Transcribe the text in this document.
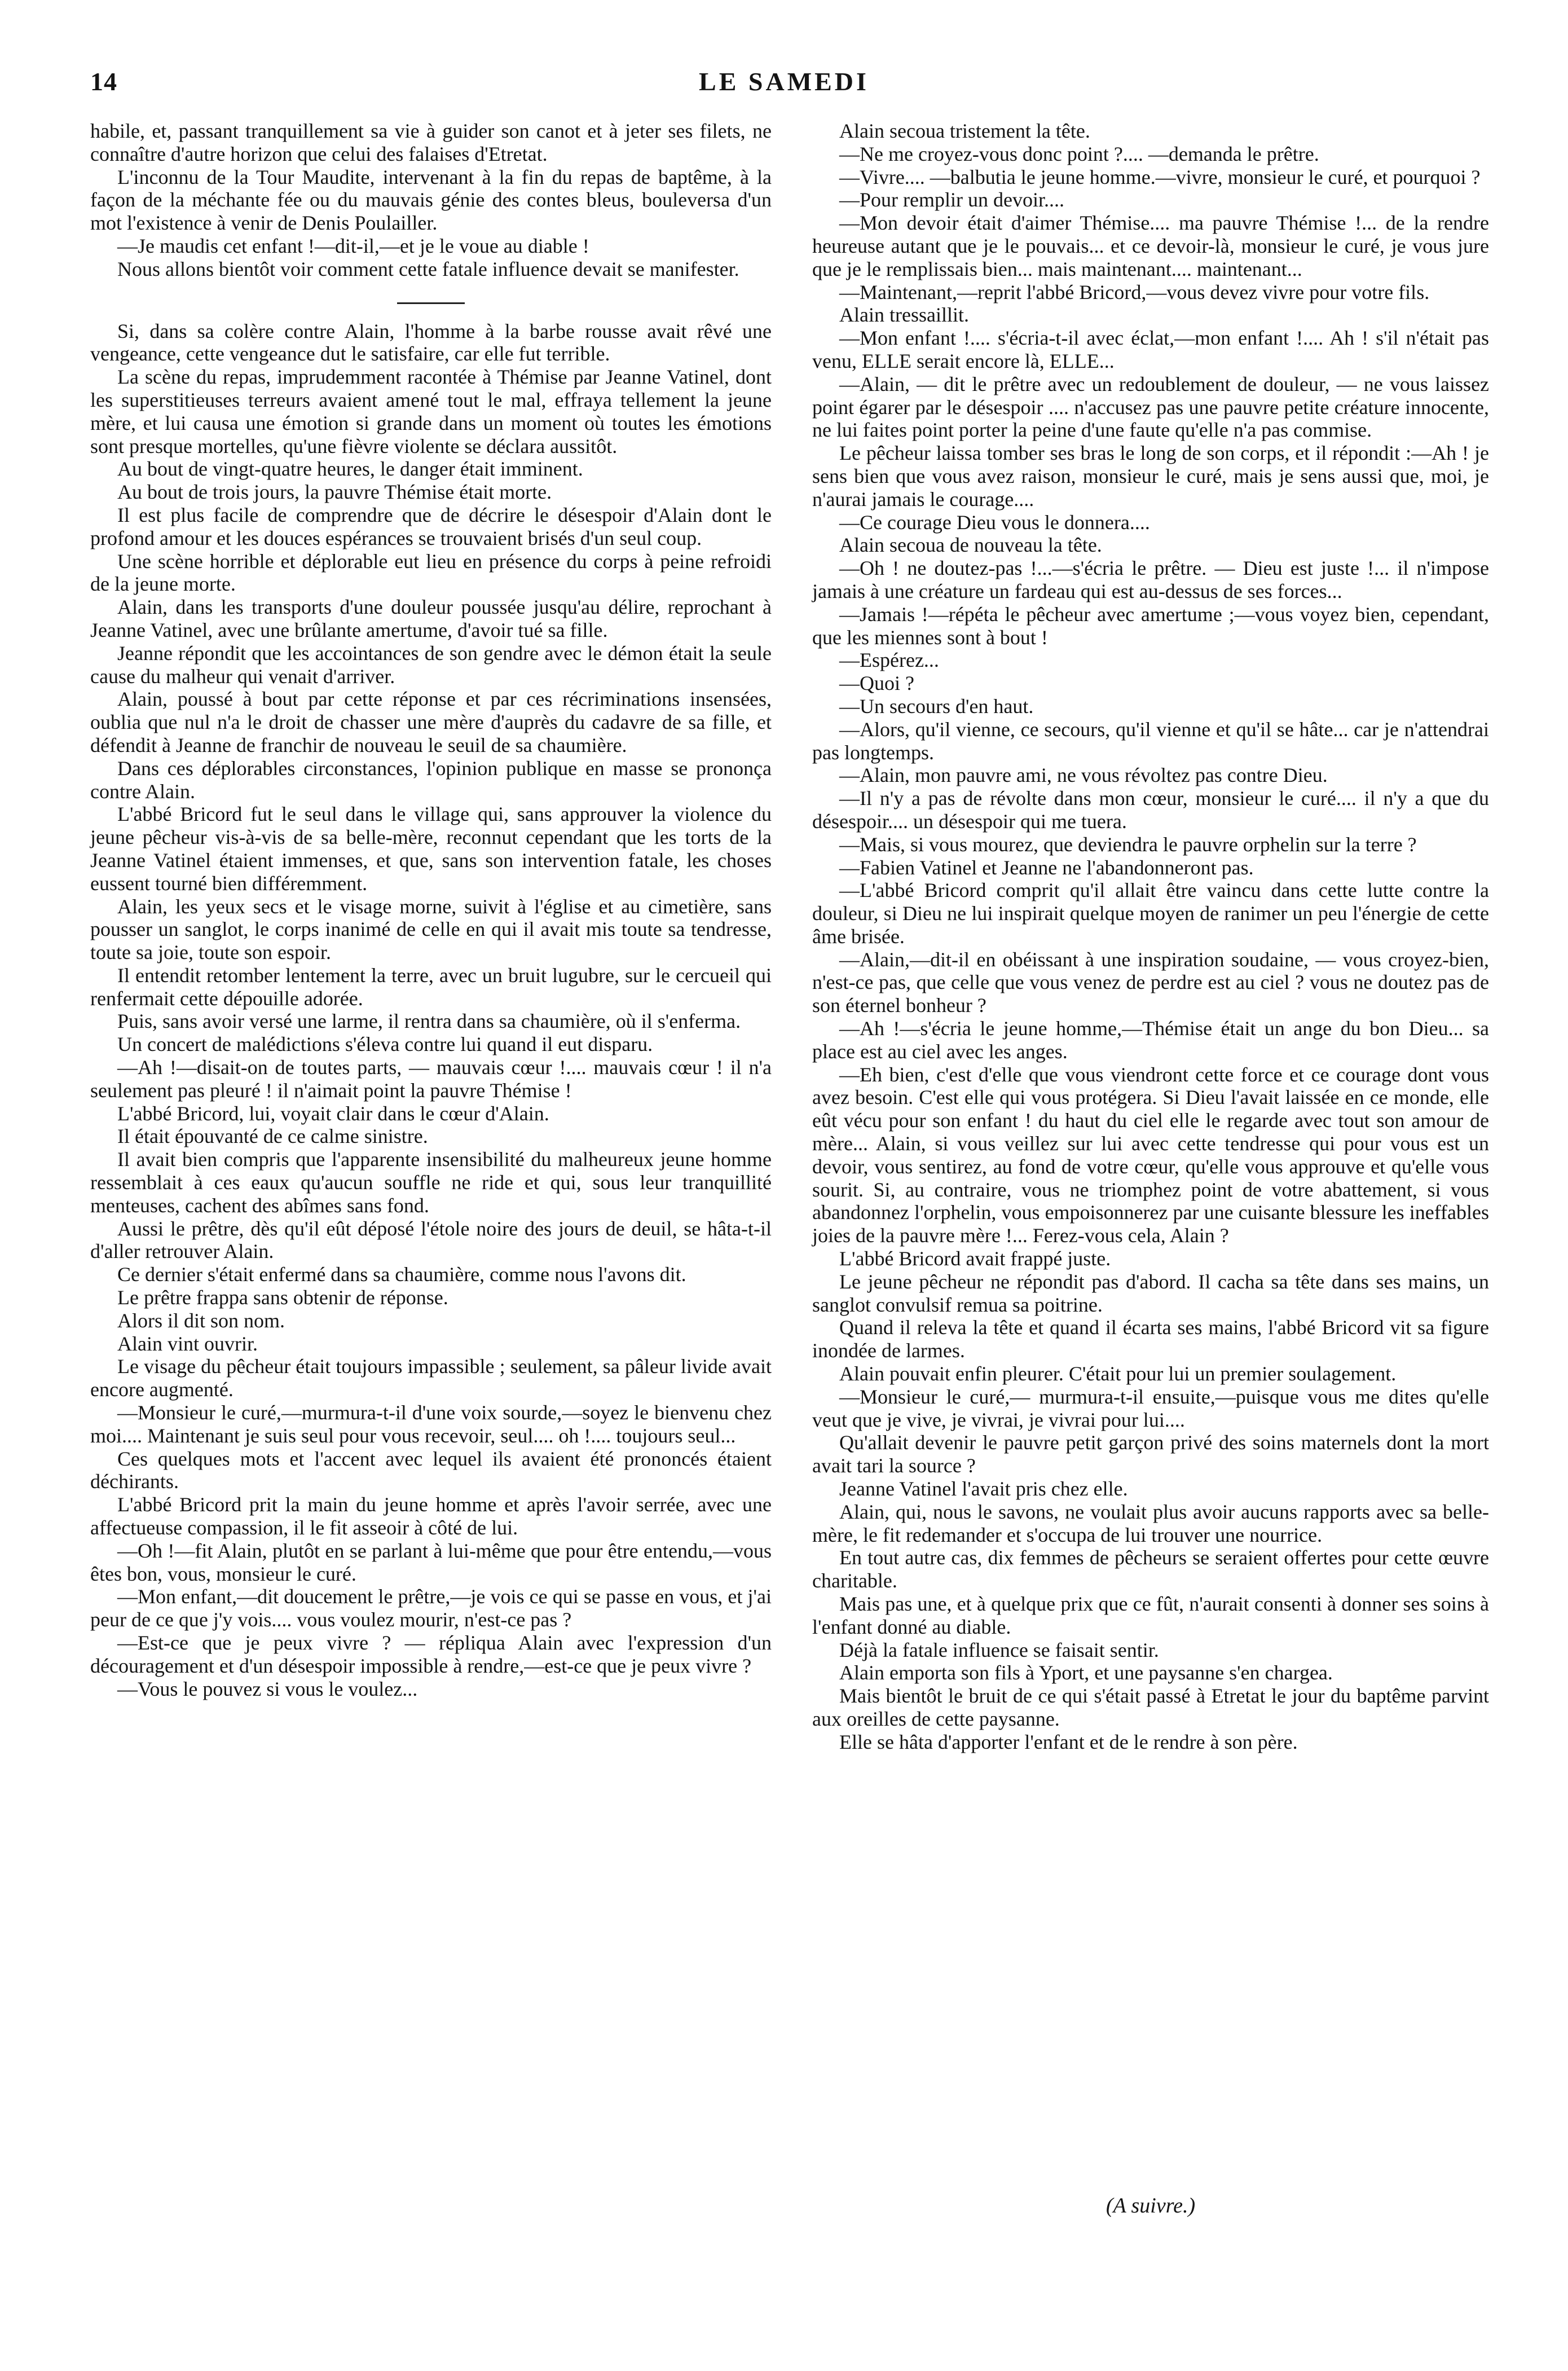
14	LE SAMEDI

habile, et, passant tranquillement sa vie à guider son canot et à jeter ses filets, ne connaître d'autre horizon que celui des falaises d'Etretat.

L'inconnu de la Tour Maudite, intervenant à la fin du repas de baptême, à la façon de la méchante fée ou du mauvais génie des contes bleus, bouleversa d'un mot l'existence à venir de Denis Poulailler.

—Je maudis cet enfant !—dit-il,—et je le voue au diable !

Nous allons bientôt voir comment cette fatale influence devait se manifester.

Si, dans sa colère contre Alain, l'homme à la barbe rousse avait rêvé une vengeance, cette vengeance dut le satisfaire, car elle fut terrible.

La scène du repas, imprudemment racontée à Thémise par Jeanne Vatinel, dont les superstitieuses terreurs avaient amené tout le mal, effraya tellement la jeune mère, et lui causa une émotion si grande dans un moment où toutes les émotions sont presque mortelles, qu'une fièvre violente se déclara aussitôt.

Au bout de vingt-quatre heures, le danger était imminent.

Au bout de trois jours, la pauvre Thémise était morte.

Il est plus facile de comprendre que de décrire le désespoir d'Alain dont le profond amour et les douces espérances se trouvaient brisés d'un seul coup.

Une scène horrible et déplorable eut lieu en présence du corps à peine refroidi de la jeune morte.

Alain, dans les transports d'une douleur poussée jusqu'au délire, reprochant à Jeanne Vatinel, avec une brûlante amertume, d'avoir tué sa fille.

Jeanne répondit que les accointances de son gendre avec le démon était la seule cause du malheur qui venait d'arriver.

Alain, poussé à bout par cette réponse et par ces récriminations insensées, oublia que nul n'a le droit de chasser une mère d'auprès du cadavre de sa fille, et défendit à Jeanne de franchir de nouveau le seuil de sa chaumière.

Dans ces déplorables circonstances, l'opinion publique en masse se prononça contre Alain.

L'abbé Bricord fut le seul dans le village qui, sans approuver la violence du jeune pêcheur vis-à-vis de sa belle-mère, reconnut cependant que les torts de la Jeanne Vatinel étaient immenses, et que, sans son intervention fatale, les choses eussent tourné bien différemment.

Alain, les yeux secs et le visage morne, suivit à l'église et au cimetière, sans pousser un sanglot, le corps inanimé de celle en qui il avait mis toute sa tendresse, toute sa joie, toute son espoir.

Il entendit retomber lentement la terre, avec un bruit lugubre, sur le cercueil qui renfermait cette dépouille adorée.

Puis, sans avoir versé une larme, il rentra dans sa chaumière, où il s'enferma.

Un concert de malédictions s'éleva contre lui quand il eut disparu.

—Ah !—disait-on de toutes parts, — mauvais cœur !.... mauvais cœur ! il n'a seulement pas pleuré ! il n'aimait point la pauvre Thémise !

L'abbé Bricord, lui, voyait clair dans le cœur d'Alain.

Il était épouvanté de ce calme sinistre.

Il avait bien compris que l'apparente insensibilité du malheureux jeune homme ressemblait à ces eaux qu'aucun souffle ne ride et qui, sous leur tranquillité menteuses, cachent des abîmes sans fond.

Aussi le prêtre, dès qu'il eût déposé l'étole noire des jours de deuil, se hâta-t-il d'aller retrouver Alain.

Ce dernier s'était enfermé dans sa chaumière, comme nous l'avons dit.

Le prêtre frappa sans obtenir de réponse.

Alors il dit son nom.

Alain vint ouvrir.

Le visage du pêcheur était toujours impassible ; seulement, sa pâleur livide avait encore augmenté.

—Monsieur le curé,—murmura-t-il d'une voix sourde,—soyez le bienvenu chez moi.... Maintenant je suis seul pour vous recevoir, seul.... oh !.... toujours seul...

Ces quelques mots et l'accent avec lequel ils avaient été prononcés étaient déchirants.

L'abbé Bricord prit la main du jeune homme et après l'avoir serrée, avec une affectueuse compassion, il le fit asseoir à côté de lui.

—Oh !—fit Alain, plutôt en se parlant à lui-même que pour être entendu,—vous êtes bon, vous, monsieur le curé.

—Mon enfant,—dit doucement le prêtre,—je vois ce qui se passe en vous, et j'ai peur de ce que j'y vois.... vous voulez mourir, n'est-ce pas ?

—Est-ce que je peux vivre ? — répliqua Alain avec l'expression d'un découragement et d'un désespoir impossible à rendre,—est-ce que je peux vivre ?

—Vous le pouvez si vous le voulez...

Alain secoua tristement la tête.

—Ne me croyez-vous donc point ?.... —demanda le prêtre.

—Vivre.... —balbutia le jeune homme.—vivre, monsieur le curé, et pourquoi ?

—Pour remplir un devoir....

—Mon devoir était d'aimer Thémise.... ma pauvre Thémise !... de la rendre heureuse autant que je le pouvais... et ce devoir-là, monsieur le curé, je vous jure que je le remplissais bien... mais maintenant.... maintenant...

—Maintenant,—reprit l'abbé Bricord,—vous devez vivre pour votre fils.

Alain tressaillit.

—Mon enfant !.... s'écria-t-il avec éclat,—mon enfant !.... Ah ! s'il n'était pas venu, ELLE serait encore là, ELLE...

—Alain, — dit le prêtre avec un redoublement de douleur, — ne vous laissez point égarer par le désespoir .... n'accusez pas une pauvre petite créature innocente, ne lui faites point porter la peine d'une faute qu'elle n'a pas commise.

Le pêcheur laissa tomber ses bras le long de son corps, et il répondit :—Ah ! je sens bien que vous avez raison, monsieur le curé, mais je sens aussi que, moi, je n'aurai jamais le courage....

—Ce courage Dieu vous le donnera....

Alain secoua de nouveau la tête.

—Oh ! ne doutez-pas !...—s'écria le prêtre. — Dieu est juste !... il n'impose jamais à une créature un fardeau qui est au-dessus de ses forces...

—Jamais !—répéta le pêcheur avec amertume ;—vous voyez bien, cependant, que les miennes sont à bout !

—Espérez...

—Quoi ?

—Un secours d'en haut.

—Alors, qu'il vienne, ce secours, qu'il vienne et qu'il se hâte... car je n'attendrai pas longtemps.

—Alain, mon pauvre ami, ne vous révoltez pas contre Dieu.

—Il n'y a pas de révolte dans mon cœur, monsieur le curé.... il n'y a que du désespoir.... un désespoir qui me tuera.

—Mais, si vous mourez, que deviendra le pauvre orphelin sur la terre ?

—Fabien Vatinel et Jeanne ne l'abandonneront pas.

—L'abbé Bricord comprit qu'il allait être vaincu dans cette lutte contre la douleur, si Dieu ne lui inspirait quelque moyen de ranimer un peu l'énergie de cette âme brisée.

—Alain,—dit-il en obéissant à une inspiration soudaine, — vous croyez-bien, n'est-ce pas, que celle que vous venez de perdre est au ciel ? vous ne doutez pas de son éternel bonheur ?

—Ah !—s'écria le jeune homme,—Thémise était un ange du bon Dieu... sa place est au ciel avec les anges.

—Eh bien, c'est d'elle que vous viendront cette force et ce courage dont vous avez besoin. C'est elle qui vous protégera. Si Dieu l'avait laissée en ce monde, elle eût vécu pour son enfant ! du haut du ciel elle le regarde avec tout son amour de mère... Alain, si vous veillez sur lui avec cette tendresse qui pour vous est un devoir, vous sentirez, au fond de votre cœur, qu'elle vous approuve et qu'elle vous sourit. Si, au contraire, vous ne triomphez point de votre abattement, si vous abandonnez l'orphelin, vous empoisonnerez par une cuisante blessure les ineffables joies de la pauvre mère !... Ferez-vous cela, Alain ?

L'abbé Bricord avait frappé juste.

Le jeune pêcheur ne répondit pas d'abord. Il cacha sa tête dans ses mains, un sanglot convulsif remua sa poitrine.

Quand il releva la tête et quand il écarta ses mains, l'abbé Bricord vit sa figure inondée de larmes.

Alain pouvait enfin pleurer. C'était pour lui un premier soulagement.

—Monsieur le curé,— murmura-t-il ensuite,—puisque vous me dites qu'elle veut que je vive, je vivrai, je vivrai pour lui....

Qu'allait devenir le pauvre petit garçon privé des soins maternels dont la mort avait tari la source ?

Jeanne Vatinel l'avait pris chez elle.

Alain, qui, nous le savons, ne voulait plus avoir aucuns rapports avec sa belle-mère, le fit redemander et s'occupa de lui trouver une nourrice.

En tout autre cas, dix femmes de pêcheurs se seraient offertes pour cette œuvre charitable.

Mais pas une, et à quelque prix que ce fût, n'aurait consenti à donner ses soins à l'enfant donné au diable.

Déjà la fatale influence se faisait sentir.

Alain emporta son fils à Yport, et une paysanne s'en chargea.

Mais bientôt le bruit de ce qui s'était passé à Etretat le jour du baptême parvint aux oreilles de cette paysanne.

Elle se hâta d'apporter l'enfant et de le rendre à son père.

(A suivre.)
